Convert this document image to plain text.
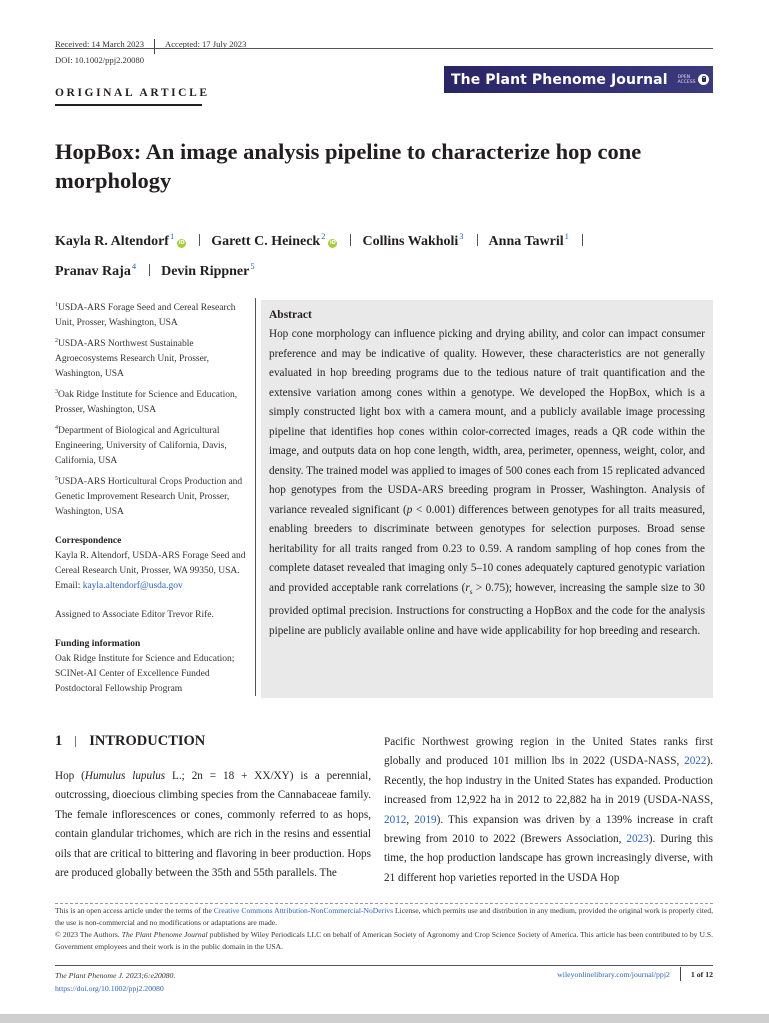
Received: 14 March 2023 Accepted: 17 July 2023
DOI: 10.1002/ppj2.20080
The Plant Phenome Journal OPEN
ACCESS
ORIGINAL ARTICLE
HopBox: An image analysis pipeline to characterize hop cone morphology
Kayla R. Altendorf$^1$iD Garett C. Heineck$^2$iD Collins Wakholi$^3$ Anna Tawril$^1$
Pranav Raja$^4$ Devin Rippner$^5$
$^1$USDA-ARS Forage Seed and Cereal Research Unit, Prosser, Washington, USA
$^2$USDA-ARS Northwest Sustainable Agroecosystems Research Unit, Prosser, Washington, USA
$^3$Oak Ridge Institute for Science and Education, Prosser, Washington, USA
$^4$Department of Biological and Agricultural Engineering, University of California, Davis, California, USA
$^5$USDA-ARS Horticultural Crops Production and Genetic Improvement Research Unit, Prosser, Washington, USA
Correspondence
Kayla R. Altendorf, USDA-ARS Forage Seed and Cereal Research Unit, Prosser, WA 99350, USA.
Email: kayla.altendorf@usda.gov
Assigned to Associate Editor Trevor Rife.
Funding information
Oak Ridge Institute for Science and Education; SCINet-AI Center of Excellence Funded Postdoctoral Fellowship Program
Abstract
Hop cone morphology can influence picking and drying ability, and color can impact consumer preference and may be indicative of quality. However, these characteristics are not generally evaluated in hop breeding programs due to the tedious nature of trait quantification and the extensive variation among cones within a genotype. We developed the HopBox, which is a simply constructed light box with a camera mount, and a publicly available image processing pipeline that identifies hop cones within color-corrected images, reads a QR code within the image, and outputs data on hop cone length, width, area, perimeter, openness, weight, color, and density. The trained model was applied to images of 500 cones each from 15 replicated advanced hop genotypes from the USDA-ARS breeding program in Prosser, Washington. Analysis of variance revealed significant (p < 0.001) differences between genotypes for all traits measured, enabling breeders to discriminate between genotypes for selection purposes. Broad sense heritability for all traits ranged from 0.23 to 0.59. A random sampling of hop cones from the complete dataset revealed that imaging only 5–10 cones adequately captured genotypic variation and provided acceptable rank correlations $(r_s > 0.75)$; however, increasing the sample size to 30 provided optimal precision. Instructions for constructing a HopBox and the code for the analysis pipeline are publicly available online and have wide applicability for hop breeding and research.
1 INTRODUCTION
Hop (Humulus lupulus L.; 2n = 18 + XX/XY) is a perennial, outcrossing, dioecious climbing species from the Cannabaceae family. The female inflorescences or cones, commonly referred to as hops, contain glandular trichomes, which are rich in the resins and essential oils that are critical to bittering and flavoring in beer production. Hops are produced globally between the 35th and 55th parallels. The
Pacific Northwest growing region in the United States ranks first globally and produced 101 million lbs in 2022 (USDA-NASS, 2022). Recently, the hop industry in the United States has expanded. Production increased from 12,922 ha in 2012 to 22,882 ha in 2019 (USDA-NASS, 2012, 2019). This expansion was driven by a 139% increase in craft brewing from 2010 to 2022 (Brewers Association, 2023). During this time, the hop production landscape has grown increasingly diverse, with 21 different hop varieties reported in the USDA Hop
This is an open access article under the terms of the Creative Commons Attribution-NonCommercial-NoDerivs License, which permits use and distribution in any medium, provided the original work is properly cited, the use is non-commercial and no modifications or adaptations are made.
© 2023 The Authors. The Plant Phenome Journal published by Wiley Periodicals LLC on behalf of American Society of Agronomy and Crop Science Society of America. This article has been contributed to by U.S. Government employees and their work is in the public domain in the USA.
The Plant Phenome J. 2023;6:e20080.
https://doi.org/10.1002/ppj2.20080
wileyonlinelibrary.com/journal/ppj2	1 of 12
